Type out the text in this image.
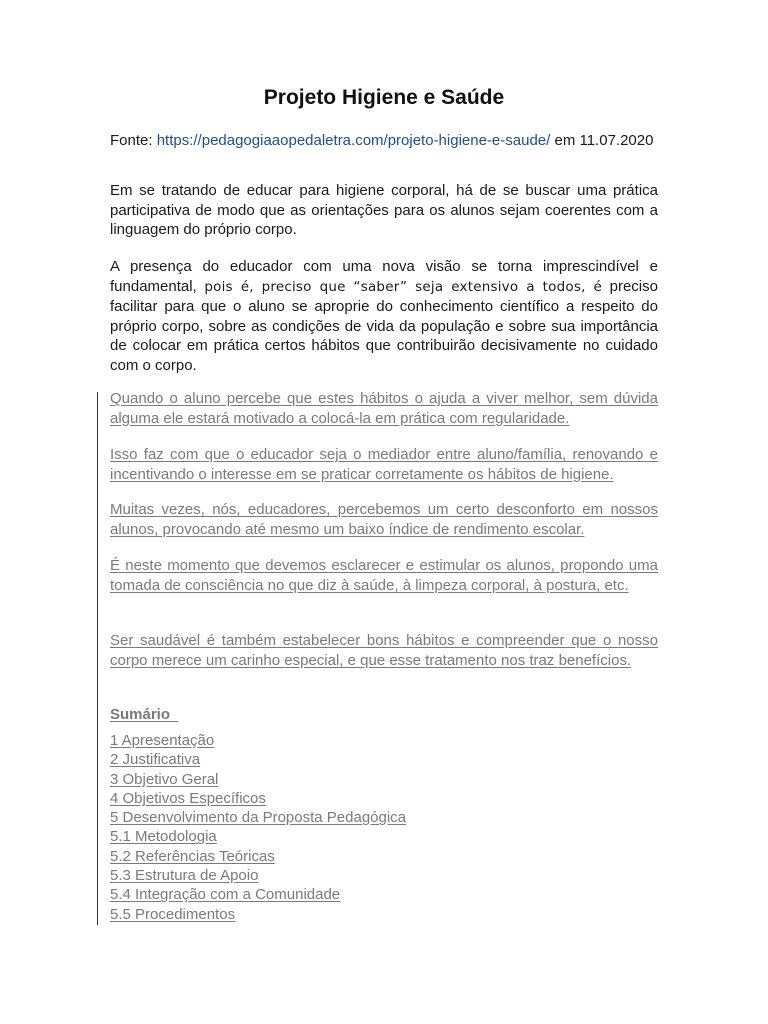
Projeto Higiene e Saúde
Fonte: https://pedagogiaaopedaletra.com/projeto-higiene-e-saude/ em 11.07.2020
Em se tratando de educar para higiene corporal, há de se buscar uma prática participativa de modo que as orientações para os alunos sejam coerentes com a linguagem do próprio corpo.
A presença do educador com uma nova visão se torna imprescindível e fundamental, pois é, preciso que “saber” seja extensivo a todos, é preciso facilitar para que o aluno se aproprie do conhecimento científico a respeito do próprio corpo, sobre as condições de vida da população e sobre sua importância de colocar em prática certos hábitos que contribuirão decisivamente no cuidado com o corpo.
Quando o aluno percebe que estes hábitos o ajuda a viver melhor, sem dúvida alguma ele estará motivado a colocá-la em prática com regularidade.
Isso faz com que o educador seja o mediador entre aluno/família, renovando e incentivando o interesse em se praticar corretamente os hábitos de higiene.
Muitas vezes, nós, educadores, percebemos um certo desconforto em nossos alunos, provocando até mesmo um baixo índice de rendimento escolar.
É neste momento que devemos esclarecer e estimular os alunos, propondo uma tomada de consciência no que diz à saúde, à limpeza corporal, à postura, etc.
Ser saudável é também estabelecer bons hábitos e compreender que o nosso corpo merece um carinho especial, e que esse tratamento nos traz benefícios.
Sumário
1 Apresentação
2 Justificativa
3 Objetivo Geral
4 Objetivos Específicos
5 Desenvolvimento da Proposta Pedagógica
5.1 Metodologia
5.2 Referências Teóricas
5.3 Estrutura de Apoio
5.4 Integração com a Comunidade
5.5 Procedimentos
